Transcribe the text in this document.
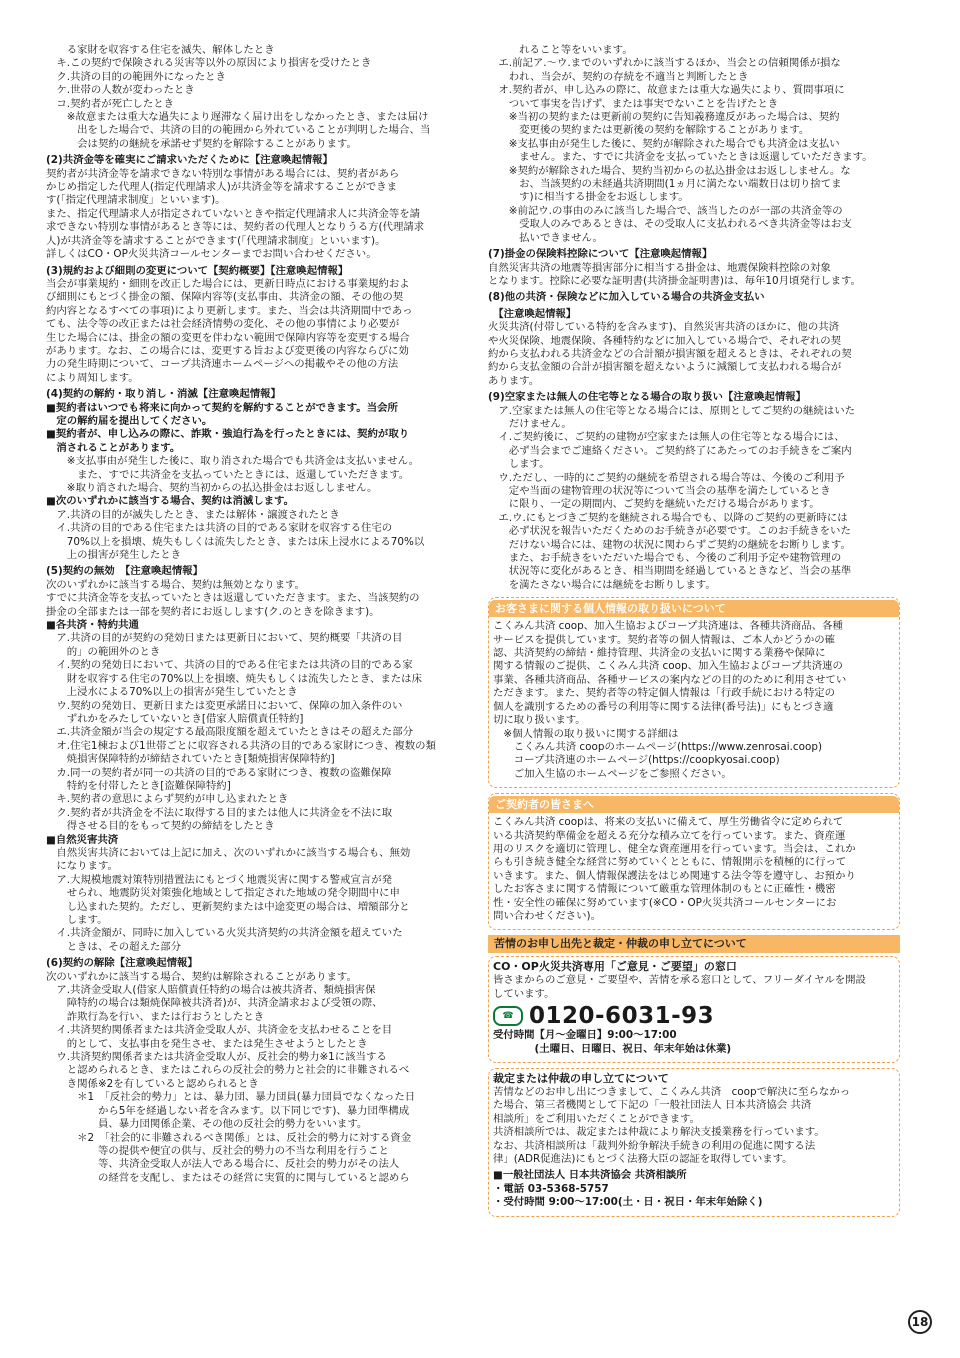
　　る家財を収容する住宅を滅失、解体したとき
　キ.この契約で保険される災害等以外の原因により損害を受けたとき
　ク.共済の目的の範囲外になったとき
　ケ.世帯の人数が変わったとき
　コ.契約者が死亡したとき
　　※故意または重大な過失により遅滞なく届け出をしなかったとき、または届け
　　　出をした場合で、共済の目的の範囲から外れていることが判明した場合、当
　　　会は契約の継続を承諾せず契約を解除することがあります。
(2)共済金等を確実にご請求いただくために【注意喚起情報】
契約者が共済金等を請求できない特別な事情がある場合には、契約者があら
かじめ指定した代理人(指定代理請求人)が共済金等を請求することができま
す(「指定代理請求制度」といいます)。
また、指定代理請求人が指定されていないときや指定代理請求人に共済金等を請
求できない特別な事情があるとき等には、契約者の代理人となりうる方(代理請求
人)が共済金等を請求することができます(「代理請求制度」といいます)。
詳しくはCO・OP火災共済コールセンターまでお問い合わせください。
(3)規約および細則の変更について【契約概要】【注意喚起情報】
当会が事業規約・細則を改正した場合には、更新日時点における事業規約およ
び細則にもとづく掛金の額、保障内容等(支払事由、共済金の額、その他の契
約内容となるすべての事項)により更新します。また、当会は共済期間中であっ
ても、法令等の改正または社会経済情勢の変化、その他の事情により必要が
生じた場合には、掛金の額の変更を伴わない範囲で保障内容等を変更する場合
があります。なお、この場合には、変更する旨および変更後の内容ならびに効
力の発生時期について、コープ共済連ホームページへの掲載やその他の方法
により周知します。
(4)契約の解約・取り消し・消滅【注意喚起情報】
■契約者はいつでも将来に向かって契約を解約することができます。当会所
　定の解約届を提出してください。
■契約者が、申し込みの際に、詐欺・強迫行為を行ったときには、契約が取り
　消されることがあります。
　　※支払事由が発生した後に、取り消された場合でも共済金は支払いません。
　　　また、すでに共済金を支払っていたときには、返還していただきます。
　　※取り消された場合、契約当初からの払込掛金はお返ししません。
■次のいずれかに該当する場合、契約は消滅します。
　ア.共済の目的が滅失したとき、または解体・譲渡されたとき
　イ.共済の目的である住宅または共済の目的である家財を収容する住宅の
　　70%以上を損壊、焼失もしくは流失したとき、または床上浸水による70%以
　　上の損害が発生したとき
(5)契約の無効　【注意喚起情報】
次のいずれかに該当する場合、契約は無効となります。
すでに共済金等を支払っていたときは返還していただきます。また、当該契約の
掛金の全部または一部を契約者にお返しします(ク.のときを除きます)。
■各共済・特約共通
　ア.共済の目的が契約の発効日または更新日において、契約概要「共済の目
　　的」の範囲外のとき
　イ.契約の発効日において、共済の目的である住宅または共済の目的である家
　　財を収容する住宅の70%以上を損壊、焼失もしくは流失したとき、または床
　　上浸水による70%以上の損害が発生していたとき
　ウ.契約の発効日、更新日または変更承諾日において、保障の加入条件のい
　　ずれかをみたしていないとき[借家人賠償責任特約]
　エ.共済金額が当会の規定する最高限度額を超えていたときはその超えた部分
　オ.住宅1棟および1世帯ごとに収容される共済の目的である家財につき、複数の類
　　焼損害保障特約が締結されていたとき[類焼損害保障特約]
　カ.同一の契約者が同一の共済の目的である家財につき、複数の盗難保障
　　特約を付帯したとき[盗難保障特約]
　キ.契約者の意思によらず契約が申し込まれたとき
　ク.契約者が共済金を不法に取得する目的または他人に共済金を不法に取
　　得させる目的をもって契約の締結をしたとき
■自然災害共済
　自然災害共済においては上記に加え、次のいずれかに該当する場合も、無効
　になります。
　ア.大規模地震対策特別措置法にもとづく地震災害に関する警戒宣言が発
　　せられ、地震防災対策強化地域として指定された地域の発令期間中に申
　　し込まれた契約。ただし、更新契約または中途変更の場合は、増額部分と
　　します。
　イ.共済金額が、同時に加入している火災共済契約の共済金額を超えていた
　　ときは、その超えた部分
(6)契約の解除【注意喚起情報】
次のいずれかに該当する場合、契約は解除されることがあります。
　ア.共済金受取人(借家人賠償責任特約の場合は被共済者、類焼損害保
　　障特約の場合は類焼保障被共済者)が、共済金請求および受領の際、
　　詐欺行為を行い、または行おうとしたとき
　イ.共済契約関係者または共済金受取人が、共済金を支払わせることを目
　　的として、支払事由を発生させ、または発生させようとしたとき
　ウ.共済契約関係者または共済金受取人が、反社会的勢力※1に該当する
　　と認められるとき、またはこれらの反社会的勢力と社会的に非難されるべ
　　き関係※2を有していると認められるとき
　　　＊1　「反社会的勢力」とは、暴力団、暴力団員(暴力団員でなくなった日
　　　　　から5年を経過しない者を含みます。以下同じです)、暴力団準構成
　　　　　員、暴力団関係企業、その他の反社会的勢力をいいます。
　　　＊2　「社会的に非難されるべき関係」とは、反社会的勢力に対する資金
　　　　　等の提供や便宜の供与、反社会的勢力の不当な利用を行うこと
　　　　　等、共済金受取人が法人である場合に、反社会的勢力がその法人
　　　　　の経営を支配し、またはその経営に実質的に関与していると認めら
　　　れること等をいいます。
　エ.前記ア.～ウ.までのいずれかに該当するほか、当会との信頼関係が損な
　　われ、当会が、契約の存続を不適当と判断したとき
　オ.契約者が、申し込みの際に、故意または重大な過失により、質問事項に
　　ついて事実を告げず、または事実でないことを告げたとき
　　※当初の契約または更新前の契約に告知義務違反があった場合は、契約
　　　変更後の契約または更新後の契約を解除することがあります。
　　※支払事由が発生した後に、契約が解除された場合でも共済金は支払い
　　　ません。また、すでに共済金を支払っていたときは返還していただきます。
　　※契約が解除された場合、契約当初からの払込掛金はお返ししません。な
　　　お、当該契約の未経過共済期間(1ヵ月に満たない端数日は切り捨てま
　　　す)に相当する掛金をお返しします。
　　※前記ウ.の事由のみに該当した場合で、該当したのが一部の共済金等の
　　　受取人のみであるときは、その受取人に支払われるべき共済金等はお支
　　　払いできません。
(7)掛金の保険料控除について【注意喚起情報】
自然災害共済の地震等損害部分に相当する掛金は、地震保険料控除の対象
となります。控除に必要な証明書(共済掛金証明書)は、毎年10月頃発行します。
(8)他の共済・保険などに加入している場合の共済金支払い
　【注意喚起情報】
火災共済(付帯している特約を含みます)、自然災害共済のほかに、他の共済
や火災保険、地震保険、各種特約などに加入している場合で、それぞれの契
約から支払われる共済金などの合計額が損害額を超えるときは、それぞれの契
約から支払金額の合計が損害額を超えないように減額して支払われる場合が
あります。
(9)空家または無人の住宅等となる場合の取り扱い【注意喚起情報】
　ア.空家または無人の住宅等となる場合には、原則としてご契約の継続はいた
　　だけません。
　イ.ご契約後に、ご契約の建物が空家または無人の住宅等となる場合には、
　　必ず当会までご連絡ください。ご契約終了にあたってのお手続きをご案内
　　します。
　ウ.ただし、一時的にご契約の継続を希望される場合等は、今後のご利用予
　　定や当面の建物管理の状況等について当会の基準を満たしているとき
　　に限り、一定の期間内、ご契約を継続いただける場合があります。
　エ.ウ.にもとづきご契約を継続される場合でも、以降のご契約の更新時には
　　必ず状況を報告いただくためのお手続きが必要です。このお手続きをいた
　　だけない場合には、建物の状況に関わらずご契約の継続をお断りします。
　　また、お手続きをいただいた場合でも、今後のご利用予定や建物管理の
　　状況等に変化があるとき、相当期間を経過しているときなど、当会の基準
　　を満たさない場合には継続をお断りします。
お客さまに関する個人情報の取り扱いについて
こくみん共済 coop、加入生協およびコープ共済連は、各種共済商品、各種
サービスを提供しています。契約者等の個人情報は、ご本人かどうかの確
認、共済契約の締結・維持管理、共済金の支払いに関する業務や保障に
関する情報のご提供、こくみん共済 coop、加入生協およびコープ共済連の
事業、各種共済商品、各種サービスの案内などの目的のために利用させてい
ただきます。また、契約者等の特定個人情報は「行政手続における特定の
個人を識別するための番号の利用等に関する法律(番号法)」にもとづき適
切に取り扱います。
　※個人情報の取り扱いに関する詳細は
　　こくみん共済 coopのホームページ(https://www.zenrosai.coop)
　　コープ共済連のホームページ(https://coopkyosai.coop)
　　ご加入生協のホームページをご参照ください。
ご契約者の皆さまへ
こくみん共済 coopは、将来の支払いに備えて、厚生労働省令に定められて
いる共済契約準備金を超える充分な積み立てを行っています。また、資産運
用のリスクを適切に管理し、健全な資産運用を行っています。当会は、これか
らも引き続き健全な経営に努めていくとともに、情報開示を積極的に行って
いきます。また、個人情報保護法をはじめ関連する法令等を遵守し、お預かり
したお客さまに関する情報について厳重な管理体制のもとに正確性・機密
性・安全性の確保に努めています(※CO・OP火災共済コールセンターにお
問い合わせください)。
苦情のお申し出先と裁定・仲裁の申し立てについて
CO・OP火災共済専用「ご意見・ご要望」の窓口
皆さまからのご意見・ご要望や、苦情を承る窓口として、フリーダイヤルを開設
しています。
☎ 0120-6031-93
受付時間【月～金曜日】9:00～17:00
　　　　(土曜日、日曜日、祝日、年末年始は休業)
裁定または仲裁の申し立てについて
苦情などのお申し出につきまして、こくみん共済　coopで解決に至らなかっ
た場合、第三者機関として下記の「一般社団法人 日本共済協会 共済
相談所」をご利用いただくことができます。
共済相談所では、裁定または仲裁により解決支援業務を行っています。
なお、共済相談所は「裁判外紛争解決手続きの利用の促進に関する法
律」(ADR促進法)にもとづく法務大臣の認証を取得しています。
■一般社団法人 日本共済協会 共済相談所
・電話 03-5368-5757
・受付時間 9:00～17:00(土・日・祝日・年末年始除く)
18
